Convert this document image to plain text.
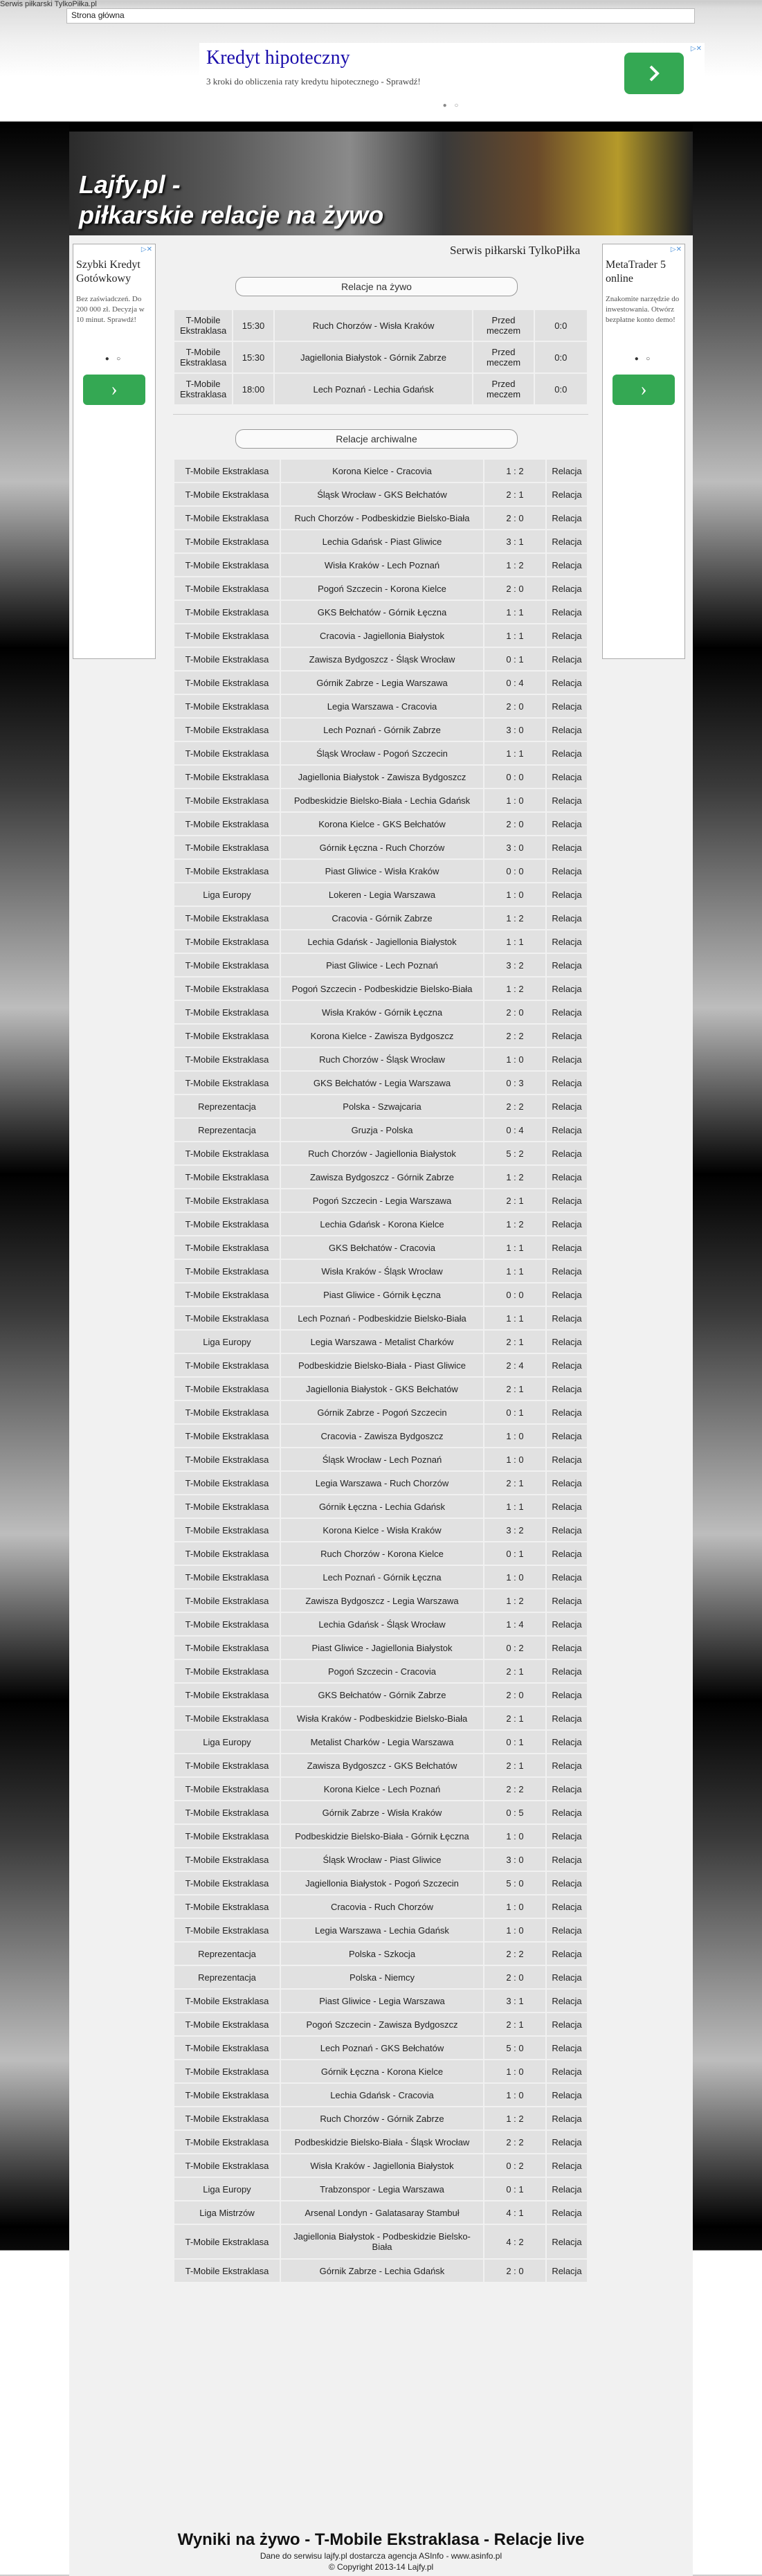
Serwis piłkarski TylkoPiłka.pl
Strona główna
▷✕
Kredyt hipoteczny
3 kroki do obliczenia raty kredytu hipotecznego - Sprawdź!
● ○
Lajfy.pl -
piłkarskie relacje na żywo
▷✕
Szybki Kredyt Gotówkowy
Bez zaświadczeń. Do 200 000 zł. Decyzja w 10 minut. Sprawdź!
● ○
›
▷✕
MetaTrader 5 online
Znakomite narzędzie do inwestowania. Otwórz bezpłatne konto demo!
● ○
›
Serwis piłkarski TylkoPiłka
Relacje na żywo
T-Mobile Ekstraklasa	15:30	Ruch Chorzów - Wisła Kraków	Przed meczem	0:0
T-Mobile Ekstraklasa	15:30	Jagiellonia Białystok - Górnik Zabrze	Przed meczem	0:0
T-Mobile Ekstraklasa	18:00	Lech Poznań - Lechia Gdańsk	Przed meczem	0:0
Relacje archiwalne
T-Mobile Ekstraklasa	Korona Kielce - Cracovia	1 : 2	Relacja
T-Mobile Ekstraklasa	Śląsk Wrocław - GKS Bełchatów	2 : 1	Relacja
T-Mobile Ekstraklasa	Ruch Chorzów - Podbeskidzie Bielsko-Biała	2 : 0	Relacja
T-Mobile Ekstraklasa	Lechia Gdańsk - Piast Gliwice	3 : 1	Relacja
T-Mobile Ekstraklasa	Wisła Kraków - Lech Poznań	1 : 2	Relacja
T-Mobile Ekstraklasa	Pogoń Szczecin - Korona Kielce	2 : 0	Relacja
T-Mobile Ekstraklasa	GKS Bełchatów - Górnik Łęczna	1 : 1	Relacja
T-Mobile Ekstraklasa	Cracovia - Jagiellonia Białystok	1 : 1	Relacja
T-Mobile Ekstraklasa	Zawisza Bydgoszcz - Śląsk Wrocław	0 : 1	Relacja
T-Mobile Ekstraklasa	Górnik Zabrze - Legia Warszawa	0 : 4	Relacja
T-Mobile Ekstraklasa	Legia Warszawa - Cracovia	2 : 0	Relacja
T-Mobile Ekstraklasa	Lech Poznań - Górnik Zabrze	3 : 0	Relacja
T-Mobile Ekstraklasa	Śląsk Wrocław - Pogoń Szczecin	1 : 1	Relacja
T-Mobile Ekstraklasa	Jagiellonia Białystok - Zawisza Bydgoszcz	0 : 0	Relacja
T-Mobile Ekstraklasa	Podbeskidzie Bielsko-Biała - Lechia Gdańsk	1 : 0	Relacja
T-Mobile Ekstraklasa	Korona Kielce - GKS Bełchatów	2 : 0	Relacja
T-Mobile Ekstraklasa	Górnik Łęczna - Ruch Chorzów	3 : 0	Relacja
T-Mobile Ekstraklasa	Piast Gliwice - Wisła Kraków	0 : 0	Relacja
Liga Europy	Lokeren - Legia Warszawa	1 : 0	Relacja
T-Mobile Ekstraklasa	Cracovia - Górnik Zabrze	1 : 2	Relacja
T-Mobile Ekstraklasa	Lechia Gdańsk - Jagiellonia Białystok	1 : 1	Relacja
T-Mobile Ekstraklasa	Piast Gliwice - Lech Poznań	3 : 2	Relacja
T-Mobile Ekstraklasa	Pogoń Szczecin - Podbeskidzie Bielsko-Biała	1 : 2	Relacja
T-Mobile Ekstraklasa	Wisła Kraków - Górnik Łęczna	2 : 0	Relacja
T-Mobile Ekstraklasa	Korona Kielce - Zawisza Bydgoszcz	2 : 2	Relacja
T-Mobile Ekstraklasa	Ruch Chorzów - Śląsk Wrocław	1 : 0	Relacja
T-Mobile Ekstraklasa	GKS Bełchatów - Legia Warszawa	0 : 3	Relacja
Reprezentacja	Polska - Szwajcaria	2 : 2	Relacja
Reprezentacja	Gruzja - Polska	0 : 4	Relacja
T-Mobile Ekstraklasa	Ruch Chorzów - Jagiellonia Białystok	5 : 2	Relacja
T-Mobile Ekstraklasa	Zawisza Bydgoszcz - Górnik Zabrze	1 : 2	Relacja
T-Mobile Ekstraklasa	Pogoń Szczecin - Legia Warszawa	2 : 1	Relacja
T-Mobile Ekstraklasa	Lechia Gdańsk - Korona Kielce	1 : 2	Relacja
T-Mobile Ekstraklasa	GKS Bełchatów - Cracovia	1 : 1	Relacja
T-Mobile Ekstraklasa	Wisła Kraków - Śląsk Wrocław	1 : 1	Relacja
T-Mobile Ekstraklasa	Piast Gliwice - Górnik Łęczna	0 : 0	Relacja
T-Mobile Ekstraklasa	Lech Poznań - Podbeskidzie Bielsko-Biała	1 : 1	Relacja
Liga Europy	Legia Warszawa - Metalist Charków	2 : 1	Relacja
T-Mobile Ekstraklasa	Podbeskidzie Bielsko-Biała - Piast Gliwice	2 : 4	Relacja
T-Mobile Ekstraklasa	Jagiellonia Białystok - GKS Bełchatów	2 : 1	Relacja
T-Mobile Ekstraklasa	Górnik Zabrze - Pogoń Szczecin	0 : 1	Relacja
T-Mobile Ekstraklasa	Cracovia - Zawisza Bydgoszcz	1 : 0	Relacja
T-Mobile Ekstraklasa	Śląsk Wrocław - Lech Poznań	1 : 0	Relacja
T-Mobile Ekstraklasa	Legia Warszawa - Ruch Chorzów	2 : 1	Relacja
T-Mobile Ekstraklasa	Górnik Łęczna - Lechia Gdańsk	1 : 1	Relacja
T-Mobile Ekstraklasa	Korona Kielce - Wisła Kraków	3 : 2	Relacja
T-Mobile Ekstraklasa	Ruch Chorzów - Korona Kielce	0 : 1	Relacja
T-Mobile Ekstraklasa	Lech Poznań - Górnik Łęczna	1 : 0	Relacja
T-Mobile Ekstraklasa	Zawisza Bydgoszcz - Legia Warszawa	1 : 2	Relacja
T-Mobile Ekstraklasa	Lechia Gdańsk - Śląsk Wrocław	1 : 4	Relacja
T-Mobile Ekstraklasa	Piast Gliwice - Jagiellonia Białystok	0 : 2	Relacja
T-Mobile Ekstraklasa	Pogoń Szczecin - Cracovia	2 : 1	Relacja
T-Mobile Ekstraklasa	GKS Bełchatów - Górnik Zabrze	2 : 0	Relacja
T-Mobile Ekstraklasa	Wisła Kraków - Podbeskidzie Bielsko-Biała	2 : 1	Relacja
Liga Europy	Metalist Charków - Legia Warszawa	0 : 1	Relacja
T-Mobile Ekstraklasa	Zawisza Bydgoszcz - GKS Bełchatów	2 : 1	Relacja
T-Mobile Ekstraklasa	Korona Kielce - Lech Poznań	2 : 2	Relacja
T-Mobile Ekstraklasa	Górnik Zabrze - Wisła Kraków	0 : 5	Relacja
T-Mobile Ekstraklasa	Podbeskidzie Bielsko-Biała - Górnik Łęczna	1 : 0	Relacja
T-Mobile Ekstraklasa	Śląsk Wrocław - Piast Gliwice	3 : 0	Relacja
T-Mobile Ekstraklasa	Jagiellonia Białystok - Pogoń Szczecin	5 : 0	Relacja
T-Mobile Ekstraklasa	Cracovia - Ruch Chorzów	1 : 0	Relacja
T-Mobile Ekstraklasa	Legia Warszawa - Lechia Gdańsk	1 : 0	Relacja
Reprezentacja	Polska - Szkocja	2 : 2	Relacja
Reprezentacja	Polska - Niemcy	2 : 0	Relacja
T-Mobile Ekstraklasa	Piast Gliwice - Legia Warszawa	3 : 1	Relacja
T-Mobile Ekstraklasa	Pogoń Szczecin - Zawisza Bydgoszcz	2 : 1	Relacja
T-Mobile Ekstraklasa	Lech Poznań - GKS Bełchatów	5 : 0	Relacja
T-Mobile Ekstraklasa	Górnik Łęczna - Korona Kielce	1 : 0	Relacja
T-Mobile Ekstraklasa	Lechia Gdańsk - Cracovia	1 : 0	Relacja
T-Mobile Ekstraklasa	Ruch Chorzów - Górnik Zabrze	1 : 2	Relacja
T-Mobile Ekstraklasa	Podbeskidzie Bielsko-Biała - Śląsk Wrocław	2 : 2	Relacja
T-Mobile Ekstraklasa	Wisła Kraków - Jagiellonia Białystok	0 : 2	Relacja
Liga Europy	Trabzonspor - Legia Warszawa	0 : 1	Relacja
Liga Mistrzów	Arsenal Londyn - Galatasaray Stambuł	4 : 1	Relacja
T-Mobile Ekstraklasa	Jagiellonia Białystok - Podbeskidzie Bielsko-Biała	4 : 2	Relacja
T-Mobile Ekstraklasa	Górnik Zabrze - Lechia Gdańsk	2 : 0	Relacja
Wyniki na żywo - T-Mobile Ekstraklasa - Relacje live
Dane do serwisu lajfy.pl dostarcza agencja ASInfo - www.asinfo.pl
© Copyright 2013-14 Lajfy.pl
